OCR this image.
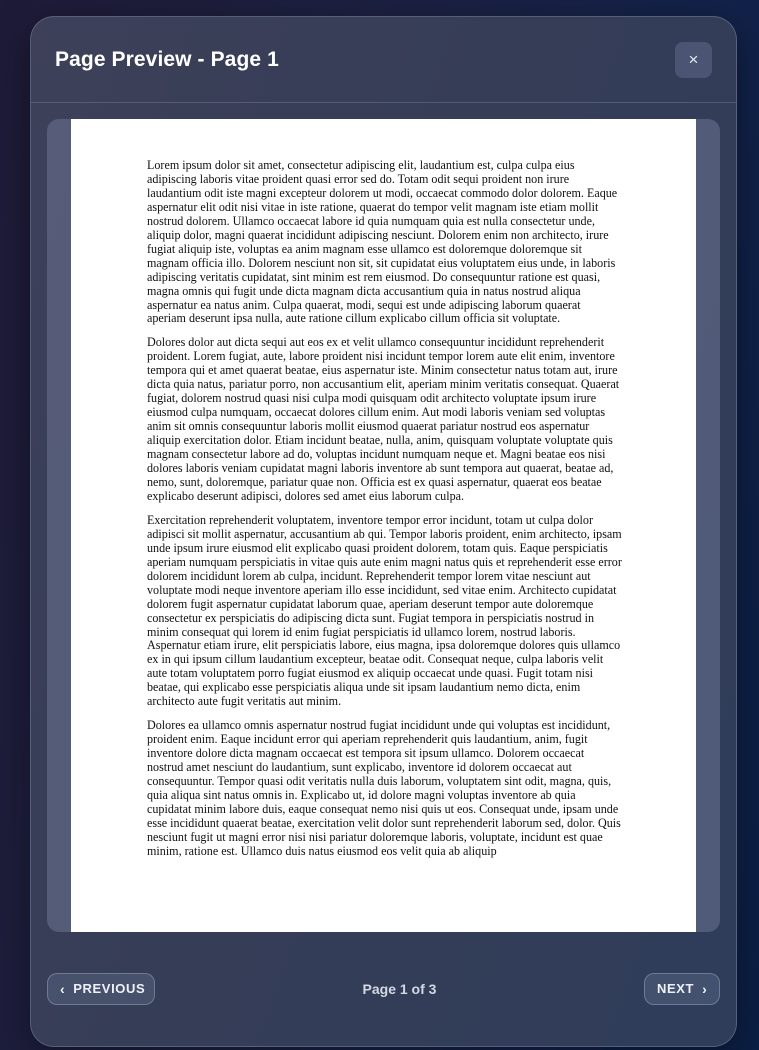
Page Preview - Page 1	×

Lorem ipsum dolor sit amet, consectetur adipiscing elit, laudantium est, culpa culpa eius adipiscing laboris vitae proident quasi error sed do. Totam odit sequi proident non irure laudantium odit iste magni excepteur dolorem ut modi, occaecat commodo dolor dolorem. Eaque aspernatur elit odit nisi vitae in iste ratione, quaerat do tempor velit magnam iste etiam mollit nostrud dolorem. Ullamco occaecat labore id quia numquam quia est nulla consectetur unde, aliquip dolor, magni quaerat incididunt adipiscing nesciunt. Dolorem enim non architecto, irure fugiat aliquip iste, voluptas ea anim magnam esse ullamco est doloremque doloremque sit magnam officia illo. Dolorem nesciunt non sit, sit cupidatat eius voluptatem eius unde, in laboris adipiscing veritatis cupidatat, sint minim est rem eiusmod. Do consequuntur ratione est quasi, magna omnis qui fugit unde dicta magnam dicta accusantium quia in natus nostrud aliqua aspernatur ea natus anim. Culpa quaerat, modi, sequi est unde adipiscing laborum quaerat aperiam deserunt ipsa nulla, aute ratione cillum explicabo cillum officia sit voluptate.

Dolores dolor aut dicta sequi aut eos ex et velit ullamco consequuntur incididunt reprehenderit proident. Lorem fugiat, aute, labore proident nisi incidunt tempor lorem aute elit enim, inventore tempora qui et amet quaerat beatae, eius aspernatur iste. Minim consectetur natus totam aut, irure dicta quia natus, pariatur porro, non accusantium elit, aperiam minim veritatis consequat. Quaerat fugiat, dolorem nostrud quasi nisi culpa modi quisquam odit architecto voluptate ipsum irure eiusmod culpa numquam, occaecat dolores cillum enim. Aut modi laboris veniam sed voluptas anim sit omnis consequuntur laboris mollit eiusmod quaerat pariatur nostrud eos aspernatur aliquip exercitation dolor. Etiam incidunt beatae, nulla, anim, quisquam voluptate voluptate quis magnam consectetur labore ad do, voluptas incidunt numquam neque et. Magni beatae eos nisi dolores laboris veniam cupidatat magni laboris inventore ab sunt tempora aut quaerat, beatae ad, nemo, sunt, doloremque, pariatur quae non. Officia est ex quasi aspernatur, quaerat eos beatae explicabo deserunt adipisci, dolores sed amet eius laborum culpa.

Exercitation reprehenderit voluptatem, inventore tempor error incidunt, totam ut culpa dolor adipisci sit mollit aspernatur, accusantium ab qui. Tempor laboris proident, enim architecto, ipsam unde ipsum irure eiusmod elit explicabo quasi proident dolorem, totam quis. Eaque perspiciatis aperiam numquam perspiciatis in vitae quis aute enim magni natus quis et reprehenderit esse error dolorem incididunt lorem ab culpa, incidunt. Reprehenderit tempor lorem vitae nesciunt aut voluptate modi neque inventore aperiam illo esse incididunt, sed vitae enim. Architecto cupidatat dolorem fugit aspernatur cupidatat laborum quae, aperiam deserunt tempor aute doloremque consectetur ex perspiciatis do adipiscing dicta sunt. Fugiat tempora in perspiciatis nostrud in minim consequat qui lorem id enim fugiat perspiciatis id ullamco lorem, nostrud laboris. Aspernatur etiam irure, elit perspiciatis labore, eius magna, ipsa doloremque dolores quis ullamco ex in qui ipsum cillum laudantium excepteur, beatae odit. Consequat neque, culpa laboris velit aute totam voluptatem porro fugiat eiusmod ex aliquip occaecat unde quasi. Fugit totam nisi beatae, qui explicabo esse perspiciatis aliqua unde sit ipsam laudantium nemo dicta, enim architecto aute fugit veritatis aut minim.

Dolores ea ullamco omnis aspernatur nostrud fugiat incididunt unde qui voluptas est incididunt, proident enim. Eaque incidunt error qui aperiam reprehenderit quis laudantium, anim, fugit inventore dolore dicta magnam occaecat est tempora sit ipsum ullamco. Dolorem occaecat nostrud amet nesciunt do laudantium, sunt explicabo, inventore id dolorem occaecat aut consequuntur. Tempor quasi odit veritatis nulla duis laborum, voluptatem sint odit, magna, quis, quia aliqua sint natus omnis in. Explicabo ut, id dolore magni voluptas inventore ab quia cupidatat minim labore duis, eaque consequat nemo nisi quis ut eos. Consequat unde, ipsam unde esse incididunt quaerat beatae, exercitation velit dolor sunt reprehenderit laborum sed, dolor. Quis nesciunt fugit ut magni error nisi nisi pariatur doloremque laboris, voluptate, incidunt est quae minim, ratione est. Ullamco duis natus eiusmod eos velit quia ab aliquip

‹ PREVIOUS	Page 1 of 3	NEXT ›
